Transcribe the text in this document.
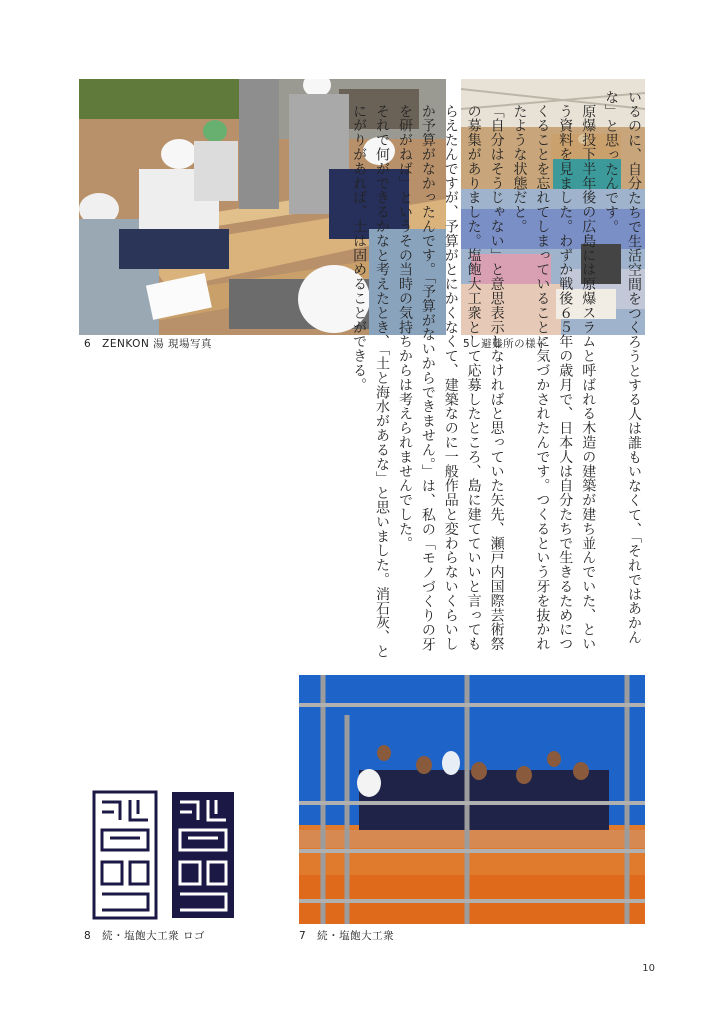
6　ZENKON 湯 現場写真	5　避難所の様子	いるのに、自分たちで生活空間をつくろうとする人は誰もいなくて、「それではあかんな」と思ったんです。

原爆投下半年後の広島には原爆スラムと呼ばれる木造の建築が建ち並んでいた、という資料を見ました。わずか戦後６５年の歳月で、日本人は自分たちで生きるためにつくることを忘れてしまっていることに気づかされたんです。つくるという牙を抜かれたような状態だと。

「自分はそうじゃない」と意思表示しなければと思っていた矢先、瀬戸内国際芸術祭の募集がありました。塩飽大工衆として応募したところ、島に建てていいと言ってもらえたんですが、予算がとにかくなくて、建築なのに一般作品と変わらないくらいしか予算がなかったんです。「予算がないからできません。」は、私の「モノづくりの牙を研がねば」というその当時の気持ちからは考えられませんでした。

それで何ができるかなと考えたとき、「土と海水があるな」と思いました。消石灰、とにがりがあれば、土は固めることができる。

8　続・塩飽大工衆 ロゴ	7　続・塩飽大工衆
10
